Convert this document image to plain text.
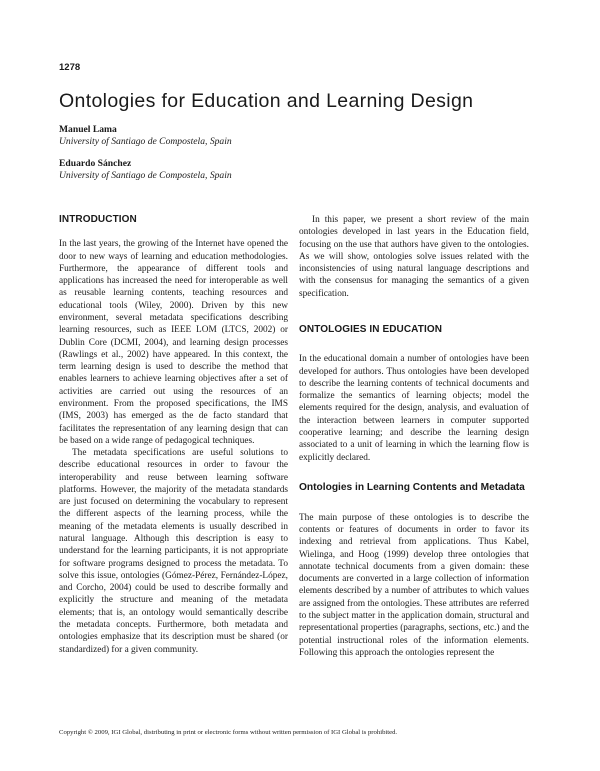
1278
Ontologies for Education and Learning Design
Manuel Lama
University of Santiago de Compostela, Spain
Eduardo Sánchez
University of Santiago de Compostela, Spain

INTRODUCTION

In the last years, the growing of the Internet have opened the door to new ways of learning and education methodologies. Furthermore, the appearance of different tools and applications has increased the need for interoperable as well as reusable learning contents, teaching resources and educational tools (Wiley, 2000). Driven by this new environment, several metadata specifications describing learning resources, such as IEEE LOM (LTCS, 2002) or Dublin Core (DCMI, 2004), and learning design processes (Rawlings et al., 2002) have appeared. In this context, the term learning design is used to describe the method that enables learners to achieve learning objectives after a set of activities are carried out using the resources of an environment. From the proposed specifications, the IMS (IMS, 2003) has emerged as the de facto standard that facilitates the representation of any learning design that can be based on a wide range of pedagogical techniques.

The metadata specifications are useful solutions to describe educational resources in order to favour the interoperability and reuse between learning software platforms. However, the majority of the metadata standards are just focused on determining the vocabulary to represent the different aspects of the learning process, while the meaning of the metadata elements is usually described in natural language. Although this description is easy to understand for the learning participants, it is not appropriate for software programs designed to process the metadata. To solve this issue, ontologies (Gómez-Pérez, Fernández-López, and Corcho, 2004) could be used to describe formally and explicitly the structure and meaning of the metadata elements; that is, an ontology would semantically describe the metadata concepts. Furthermore, both metadata and ontologies emphasize that its description must be shared (or standardized) for a given community.

In this paper, we present a short review of the main ontologies developed in last years in the Education field, focusing on the use that authors have given to the ontologies. As we will show, ontologies solve issues related with the inconsistencies of using natural language descriptions and with the consensus for managing the semantics of a given specification.

ONTOLOGIES IN EDUCATION

In the educational domain a number of ontologies have been developed for authors. Thus ontologies have been developed to describe the learning contents of technical documents and formalize the semantics of learning objects; model the elements required for the design, analysis, and evaluation of the interaction between learners in computer supported cooperative learning; and describe the learning design associated to a unit of learning in which the learning flow is explicitly declared.

Ontologies in Learning Contents and Metadata

The main purpose of these ontologies is to describe the contents or features of documents in order to favor its indexing and retrieval from applications. Thus Kabel, Wielinga, and Hoog (1999) develop three ontologies that annotate technical documents from a given domain: these documents are converted in a large collection of information elements described by a number of attributes to which values are assigned from the ontologies. These attributes are referred to the subject matter in the application domain, structural and representational properties (paragraphs, sections, etc.) and the potential instructional roles of the information elements. Following this approach the ontologies represent the

Copyright © 2009, IGI Global, distributing in print or electronic forms without written permission of IGI Global is prohibited.
